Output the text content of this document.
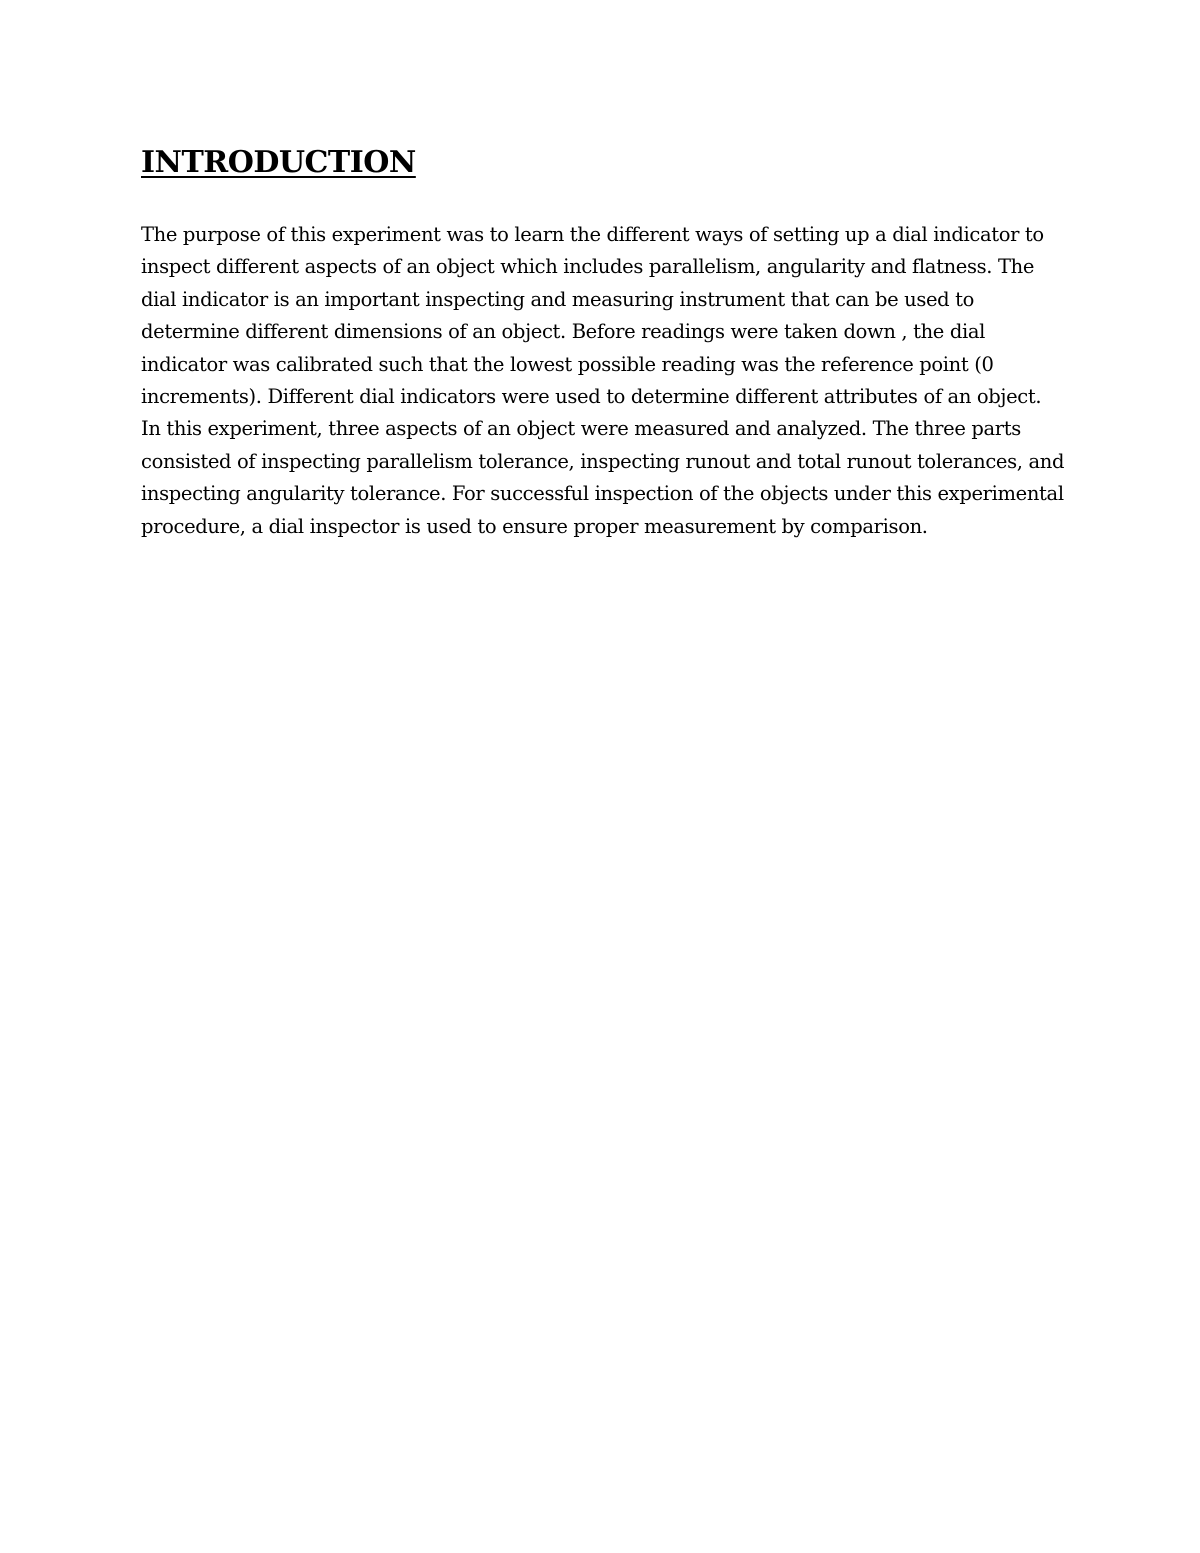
INTRODUCTION

The purpose of this experiment was to learn the different ways of setting up a dial indicator to inspect different aspects of an object which includes parallelism, angularity and flatness. The dial indicator is an important inspecting and measuring instrument that can be used to determine different dimensions of an object. Before readings were taken down , the dial indicator was calibrated such that the lowest possible reading was the reference point (0 increments). Different dial indicators were used to determine different attributes of an object. In this experiment, three aspects of an object were measured and analyzed. The three parts consisted of inspecting parallelism tolerance, inspecting runout and total runout tolerances, and inspecting angularity tolerance. For successful inspection of the objects under this experimental procedure, a dial inspector is used to ensure proper measurement by comparison.
